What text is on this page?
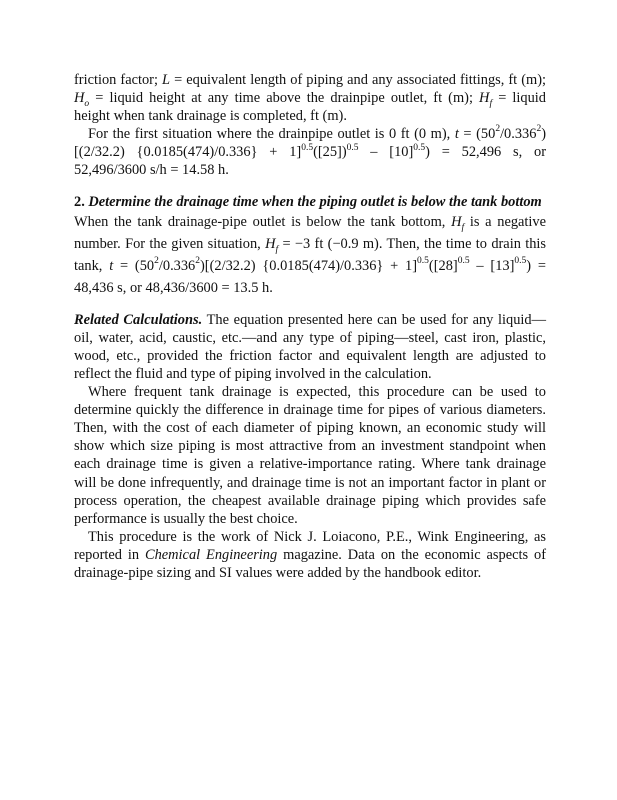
friction factor; L = equivalent length of piping and any associated fittings, ft (m); $H_o$ = liquid height at any time above the drainpipe outlet, ft (m); $H_f$ = liquid height when tank drainage is completed, ft (m).

For the first situation where the drainpipe outlet is 0 ft (0 m), $t = (50^2/0.336^2)[(2/32.2) \{0.0185(474)/0.336\} + 1]^{0.5}([25])^{0.5} - [10]^{0.5}) = 52,496$ s, or 52,496/3600 s/h = 14.58 h.

2. Determine the drainage time when the piping outlet is below the tank bottom

When the tank drainage-pipe outlet is below the tank bottom, $H_f$ is a negative number. For the given situation, $H_f = -3$ ft (−0.9 m). Then, the time to drain this tank, $t = (50^2/0.336^2)[(2/32.2) \{0.0185(474)/0.336\} + 1]^{0.5}([28]^{0.5} - [13]^{0.5}) = 48,436$ s, or 48,436/3600 = 13.5 h.

Related Calculations. The equation presented here can be used for any liquid—oil, water, acid, caustic, etc.—and any type of piping—steel, cast iron, plastic, wood, etc., provided the friction factor and equivalent length are adjusted to reflect the fluid and type of piping involved in the calculation.

Where frequent tank drainage is expected, this procedure can be used to determine quickly the difference in drainage time for pipes of various diameters. Then, with the cost of each diameter of piping known, an economic study will show which size piping is most attractive from an investment standpoint when each drainage time is given a relative-importance rating. Where tank drainage will be done infrequently, and drainage time is not an important factor in plant or process operation, the cheapest available drainage piping which provides safe performance is usually the best choice.

This procedure is the work of Nick J. Loiacono, P.E., Wink Engineering, as reported in Chemical Engineering magazine. Data on the economic aspects of drainage-pipe sizing and SI values were added by the handbook editor.
